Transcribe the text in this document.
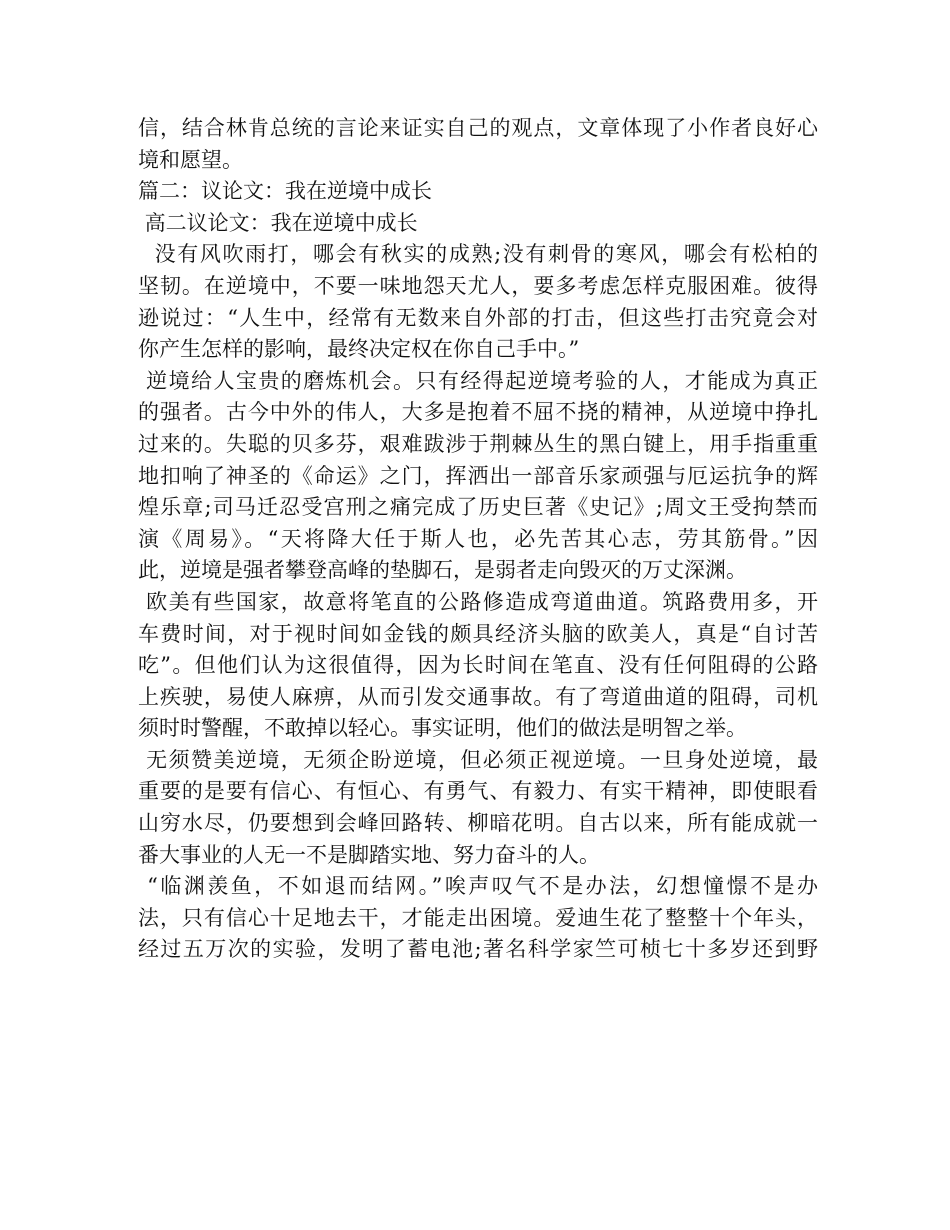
信，结合林肯总统的言论来证实自己的观点，文章体现了小作者良好心
境和愿望。
篇二：议论文：我在逆境中成长
高二议论文：我在逆境中成长
没有风吹雨打，哪会有秋实的成熟;没有刺骨的寒风，哪会有松柏的
坚韧。在逆境中，不要一味地怨天尤人，要多考虑怎样克服困难。彼得
逊说过：“人生中，经常有无数来自外部的打击，但这些打击究竟会对
你产生怎样的影响，最终决定权在你自己手中。”
逆境给人宝贵的磨炼机会。只有经得起逆境考验的人，才能成为真正
的强者。古今中外的伟人，大多是抱着不屈不挠的精神，从逆境中挣扎
过来的。失聪的贝多芬，艰难跋涉于荆棘丛生的黑白键上，用手指重重
地扣响了神圣的《命运》之门，挥洒出一部音乐家顽强与厄运抗争的辉
煌乐章;司马迁忍受宫刑之痛完成了历史巨著《史记》;周文王受拘禁而
演《周易》。“天将降大任于斯人也，必先苦其心志，劳其筋骨。”因
此，逆境是强者攀登高峰的垫脚石，是弱者走向毁灭的万丈深渊。
欧美有些国家，故意将笔直的公路修造成弯道曲道。筑路费用多，开
车费时间，对于视时间如金钱的颇具经济头脑的欧美人，真是“自讨苦
吃”。但他们认为这很值得，因为长时间在笔直、没有任何阻碍的公路
上疾驶，易使人麻痹，从而引发交通事故。有了弯道曲道的阻碍，司机
须时时警醒，不敢掉以轻心。事实证明，他们的做法是明智之举。
无须赞美逆境，无须企盼逆境，但必须正视逆境。一旦身处逆境，最
重要的是要有信心、有恒心、有勇气、有毅力、有实干精神，即使眼看
山穷水尽，仍要想到会峰回路转、柳暗花明。自古以来，所有能成就一
番大事业的人无一不是脚踏实地、努力奋斗的人。
“临渊羡鱼，不如退而结网。”唉声叹气不是办法，幻想憧憬不是办
法，只有信心十足地去干，才能走出困境。爱迪生花了整整十个年头，
经过五万次的实验，发明了蓄电池;著名科学家竺可桢七十多岁还到野
